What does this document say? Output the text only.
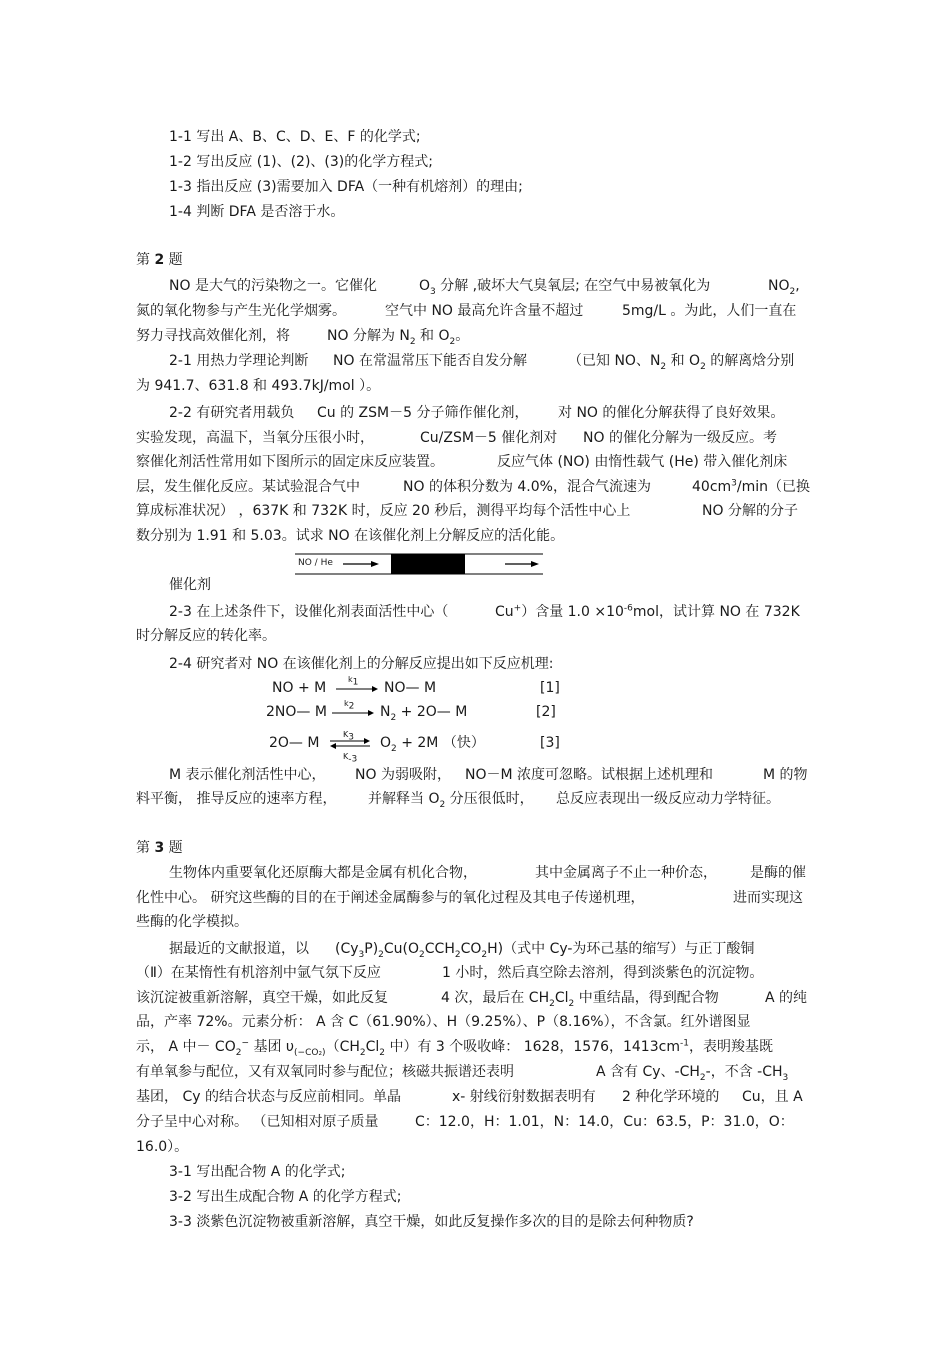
1-1 写出 A、B、C、D、E、F 的化学式;
1-2 写出反应 (1)、(2)、(3)的化学方程式;
1-3 指出反应 (3)需要加入 DFA（一种有机熔剂）的理由;
1-4 判断 DFA 是否溶于水。
第 2 题
NO 是大气的污染物之一。它催化	$O_3$ 分解 ,破坏大气臭氧层; 在空气中易被氧化为	$NO_2$,
氮的氧化物参与产生光化学烟雾。	空气中 NO 最高允许含量不超过	5mg/L 。为此，人们一直在
努力寻找高效催化剂，将	NO 分解为 $N_2$ 和 $O_2$。
2-1 用热力学理论判断 NO 在常温常压下能否自发分解	（已知 NO、$N_2$ 和 $O_2$ 的解离焓分别
为 941.7、631.8 和 493.7kJ/mol ）。
2-2 有研究者用载负 Cu 的 ZSM－5 分子筛作催化剂， 对 NO 的催化分解获得了良好效果。
实验发现，高温下，当氧分压很小时，	Cu/ZSM－5 催化剂对 NO 的催化分解为一级反应。考
察催化剂活性常用如下图所示的固定床反应装置。	反应气体 (NO) 由惰性载气 (He) 带入催化剂床
层，发生催化反应。某试验混合气中	NO 的体积分数为 4.0%，混合气流速为	$40cm^3/\min$（已换
算成标准状况） ，637K 和 732K 时，反应 20 秒后，测得平均每个活性中心上	NO 分解的分子
数分别为 1.91 和 5.03。试求 NO 在该催化剂上分解反应的活化能。
NO / He
催化剂
2-3 在上述条件下，设催化剂表面活性中心（	Cu+）含量 $1.0 \times 10^{-6}mol$，试计算 NO 在 732K
时分解反应的转化率。
2-4 研究者对 NO 在该催化剂上的分解反应提出如下反应机理:
NO + M
$k_1$ NO— M	[1]
2NO— M
$k_2$ $N_2$ + 2O— M	[2]
2O— M
$K_3$
$K_{-3}$
$O_2 + 2M$ （快）	[3]
M 表示催化剂活性中心， NO 为弱吸附， NO－M 浓度可忽略。试根据上述机理和	M 的物
料平衡， 推导反应的速率方程， 并解释当 $O_2$ 分压很低时， 总反应表现出一级反应动力学特征。
第 3 题
生物体内重要氧化还原酶大都是金属有机化合物，	其中金属离子不止一种价态， 是酶的催
化性中心。 研究这些酶的目的在于阐述金属酶参与的氧化过程及其电子传递机理，	进而实现这
些酶的化学模拟。
据最近的文献报道，以 $(Cy_3P)_2Cu(O_2CCH_2CO_2H)$（式中 Cy-为环己基的缩写）与正丁酸铜
（Ⅱ）在某惰性有机溶剂中氩气氛下反应	1 小时，然后真空除去溶剂，得到淡紫色的沉淀物。
该沉淀被重新溶解，真空干燥，如此反复	4 次，最后在 $CH_2Cl_2$ 中重结晶，得到配合物	A 的纯
品，产率 72%。元素分析： A 含 C（61.90%）、H（9.25%）、P（8.16%），不含氯。红外谱图显
示， A 中－ $CO_2^-$ 基团 $\upsilon_{(-CO_2)}(CH_2Cl_2$ 中）有 3 个吸收峰： 1628，1576，$1413cm^{-1}$，表明羧基既
有单氧参与配位，又有双氧同时参与配位；核磁共振谱还表明	A 含有 Cy、$-CH_2-$，不含 $-CH_3$
基团， Cy 的结合状态与反应前相同。单晶	x- 射线衍射数据表明有 2 种化学环境的 Cu，且 A
分子呈中心对称。 （已知相对原子质量	C：12.0，H：1.01，N：14.0，Cu：63.5，P：31.0，O：
16.0）。
3-1 写出配合物 A 的化学式;
3-2 写出生成配合物 A 的化学方程式;
3-3 淡紫色沉淀物被重新溶解，真空干燥，如此反复操作多次的目的是除去何种物质?
